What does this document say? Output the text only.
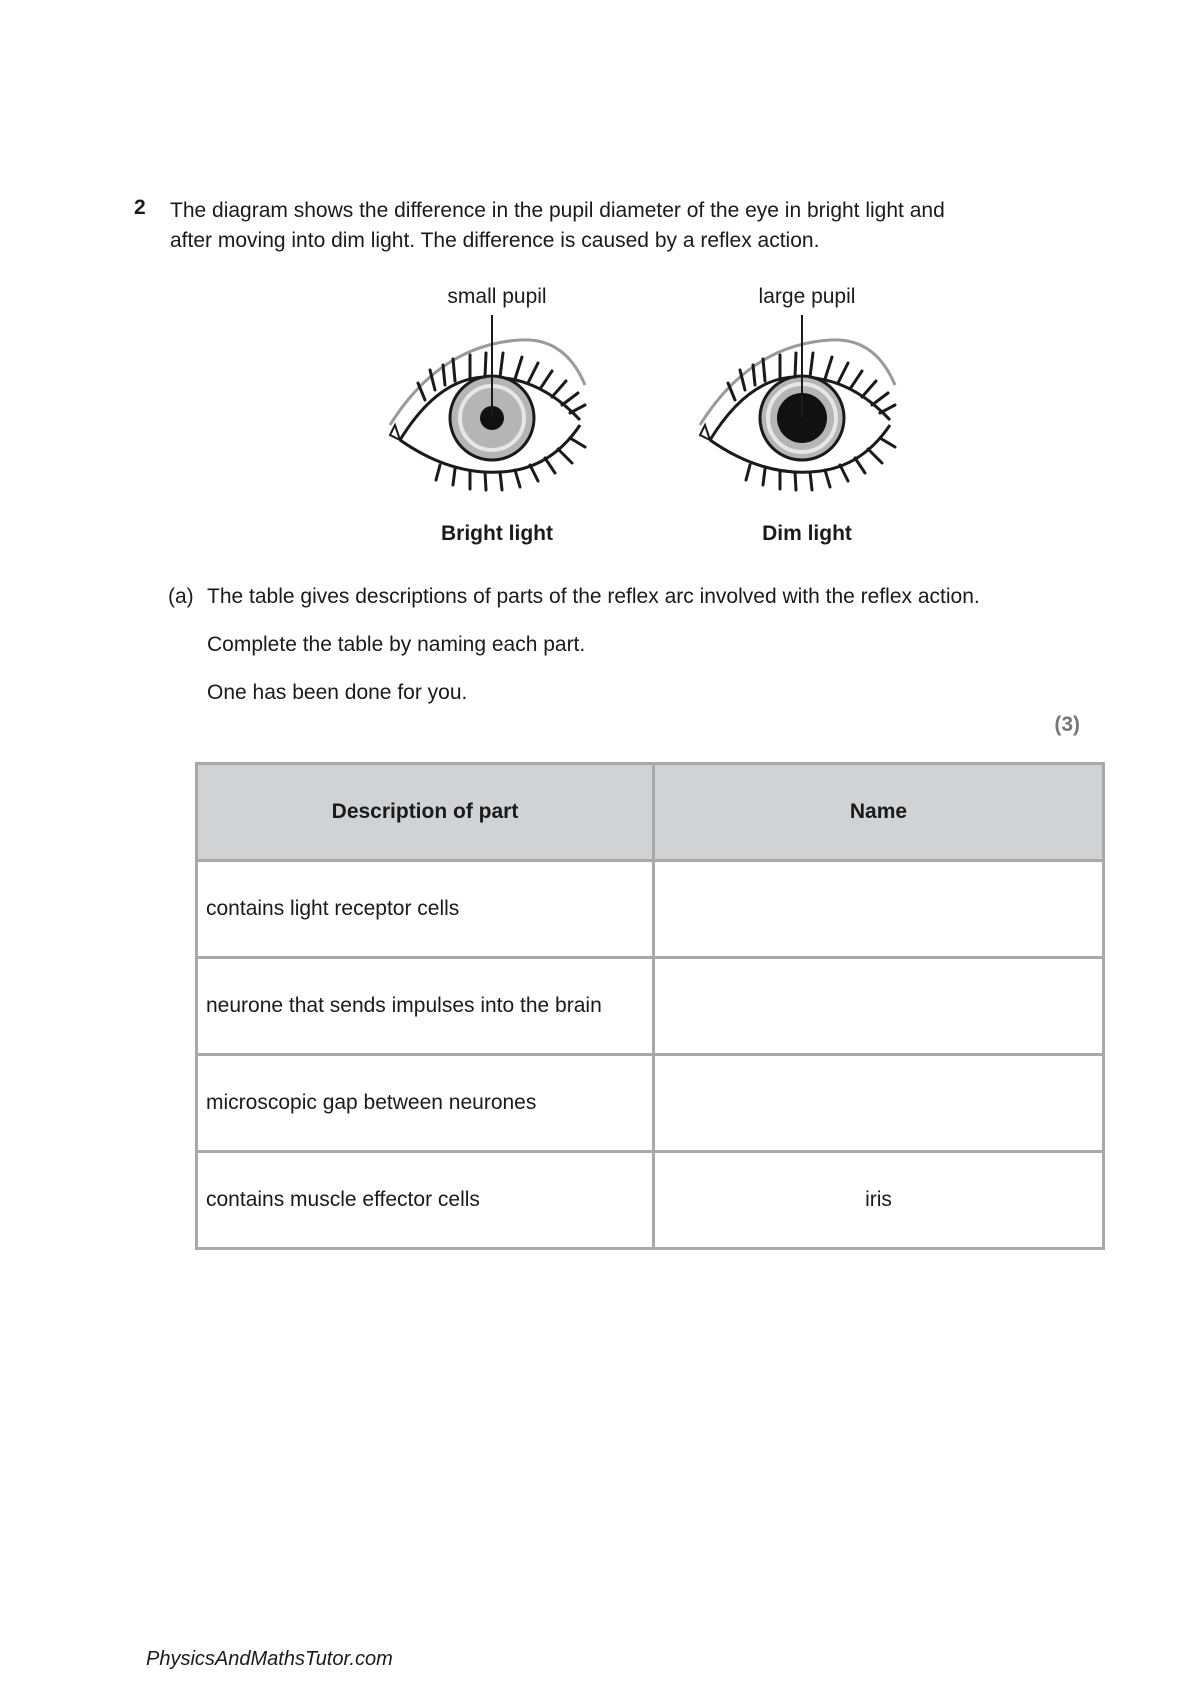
2 The diagram shows the difference in the pupil diameter of the eye in bright light and

after moving into dim light. The difference is caused by a reflex action.

small pupil	large pupil
Bright light	Dim light
(a) The table gives descriptions of parts of the reflex arc involved with the reflex action.
Complete the table by naming each part.
One has been done for you.
(3)
Description of part	Name
contains light receptor cells	
neurone that sends impulses into the brain	
microscopic gap between neurones	
contains muscle effector cells	iris
PhysicsAndMathsTutor.com
